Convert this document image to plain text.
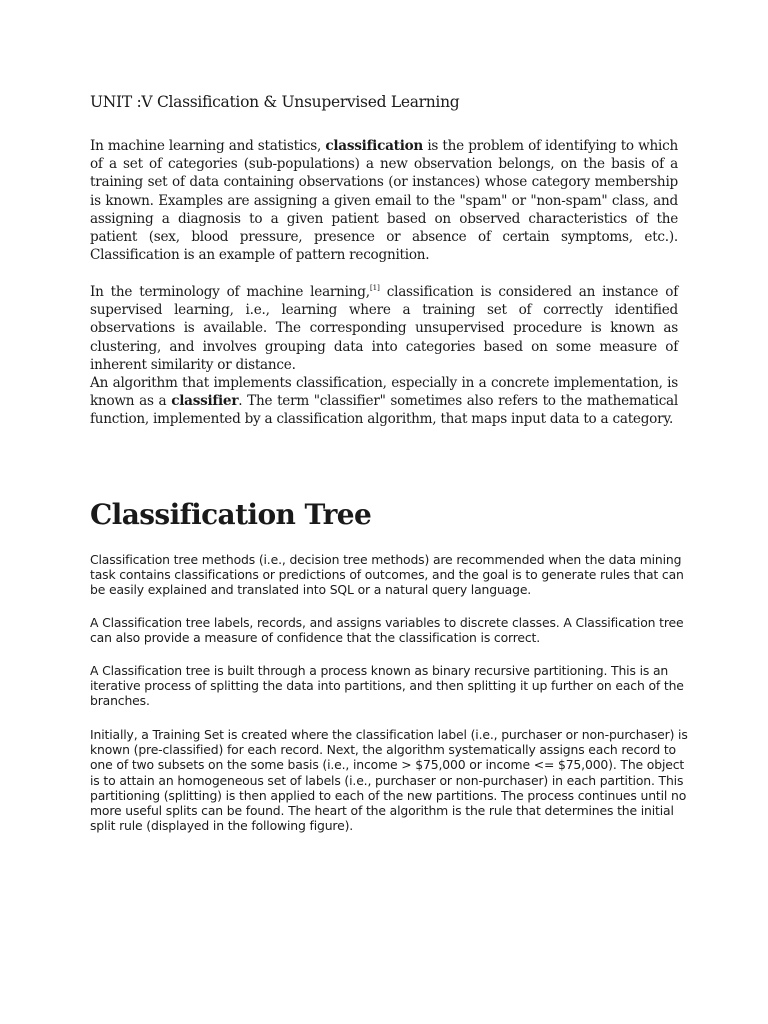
UNIT :V Classification & Unsupervised Learning

In machine learning and statistics, classification is the problem of identifying to which of a set of categories (sub-populations) a new observation belongs, on the basis of a training set of data containing observations (or instances) whose category membership is known. Examples are assigning a given email to the "spam" or "non-spam" class, and assigning a diagnosis to a given patient based on observed characteristics of the patient (sex, blood pressure, presence or absence of certain symptoms, etc.). Classification is an example of pattern recognition.

In the terminology of machine learning,[1] classification is considered an instance of supervised learning, i.e., learning where a training set of correctly identified observations is available. The corresponding unsupervised procedure is known as clustering, and involves grouping data into categories based on some measure of inherent similarity or distance.

An algorithm that implements classification, especially in a concrete implementation, is known as a classifier. The term "classifier" sometimes also refers to the mathematical function, implemented by a classification algorithm, that maps input data to a category.

Classification Tree

Classification tree methods (i.e., decision tree methods) are recommended when the data mining task contains classifications or predictions of outcomes, and the goal is to generate rules that can be easily explained and translated into SQL or a natural query language.

A Classification tree labels, records, and assigns variables to discrete classes. A Classification tree can also provide a measure of confidence that the classification is correct.

A Classification tree is built through a process known as binary recursive partitioning. This is an iterative process of splitting the data into partitions, and then splitting it up further on each of the branches.

Initially, a Training Set is created where the classification label (i.e., purchaser or non-purchaser) is known (pre-classified) for each record. Next, the algorithm systematically assigns each record to one of two subsets on the some basis (i.e., income > $75,000 or income <= $75,000). The object is to attain an homogeneous set of labels (i.e., purchaser or non-purchaser) in each partition. This partitioning (splitting) is then applied to each of the new partitions. The process continues until no more useful splits can be found. The heart of the algorithm is the rule that determines the initial split rule (displayed in the following figure).
